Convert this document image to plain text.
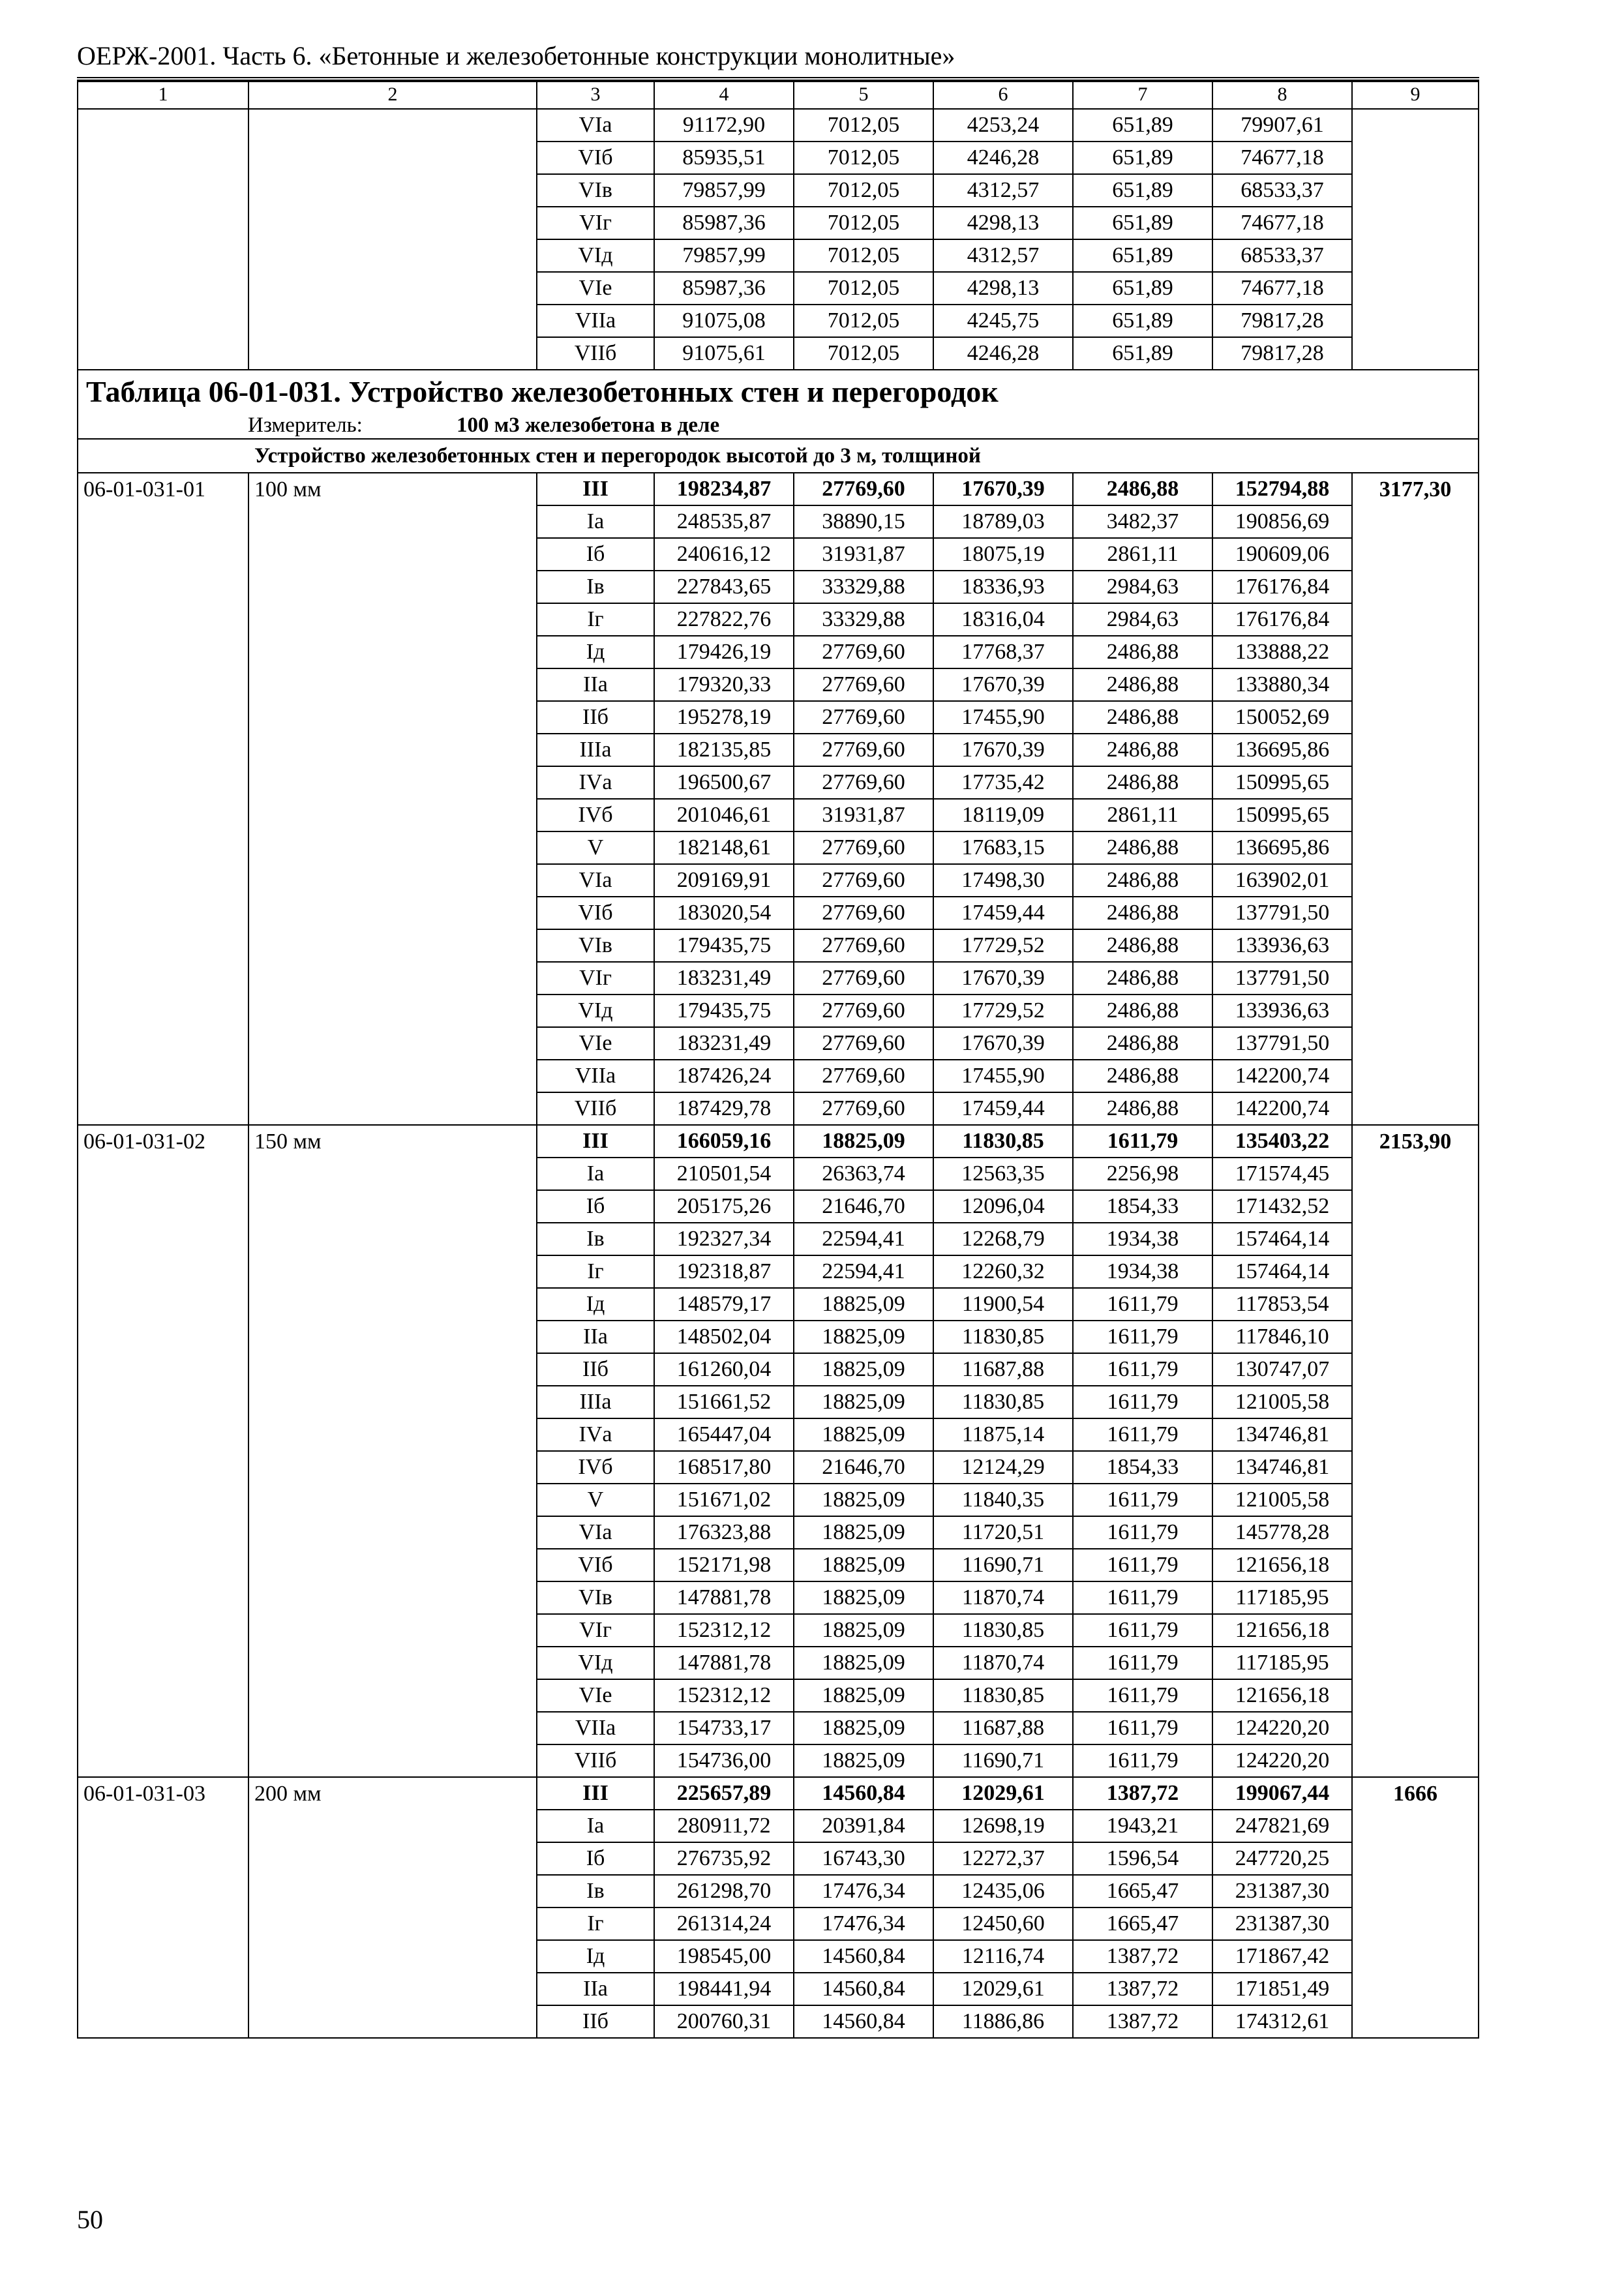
ОЕРЖ-2001. Часть 6. «Бетонные и железобетонные конструкции монолитные»
1	2	3	4	5	6	7	8	9
		VIа	91172,90	7012,05	4253,24	651,89	79907,61	
		VIб	85935,51	7012,05	4246,28	651,89	74677,18	
		VIв	79857,99	7012,05	4312,57	651,89	68533,37	
		VIг	85987,36	7012,05	4298,13	651,89	74677,18	
		VIд	79857,99	7012,05	4312,57	651,89	68533,37	
		VIе	85987,36	7012,05	4298,13	651,89	74677,18	
		VIIа	91075,08	7012,05	4245,75	651,89	79817,28	
		VIIб	91075,61	7012,05	4246,28	651,89	79817,28	
Таблица 06-01-031. Устройство железобетонных стен и перегородок								
Измеритель: 100 м3 железобетона в деле								
Устройство железобетонных стен и перегородок высотой до 3 м, толщиной								
06-01-031-01	100 мм	III	198234,87	27769,60	17670,39	2486,88	152794,88	3177,30
		Iа	248535,87	38890,15	18789,03	3482,37	190856,69	
		Iб	240616,12	31931,87	18075,19	2861,11	190609,06	
		Iв	227843,65	33329,88	18336,93	2984,63	176176,84	
		Iг	227822,76	33329,88	18316,04	2984,63	176176,84	
		Iд	179426,19	27769,60	17768,37	2486,88	133888,22	
		IIа	179320,33	27769,60	17670,39	2486,88	133880,34	
		IIб	195278,19	27769,60	17455,90	2486,88	150052,69	
		IIIа	182135,85	27769,60	17670,39	2486,88	136695,86	
		IVа	196500,67	27769,60	17735,42	2486,88	150995,65	
		IVб	201046,61	31931,87	18119,09	2861,11	150995,65	
		V	182148,61	27769,60	17683,15	2486,88	136695,86	
		VIа	209169,91	27769,60	17498,30	2486,88	163902,01	
		VIб	183020,54	27769,60	17459,44	2486,88	137791,50	
		VIв	179435,75	27769,60	17729,52	2486,88	133936,63	
		VIг	183231,49	27769,60	17670,39	2486,88	137791,50	
		VIд	179435,75	27769,60	17729,52	2486,88	133936,63	
		VIе	183231,49	27769,60	17670,39	2486,88	137791,50	
		VIIа	187426,24	27769,60	17455,90	2486,88	142200,74	
		VIIб	187429,78	27769,60	17459,44	2486,88	142200,74	
06-01-031-02	150 мм	III	166059,16	18825,09	11830,85	1611,79	135403,22	2153,90
		Iа	210501,54	26363,74	12563,35	2256,98	171574,45	
		Iб	205175,26	21646,70	12096,04	1854,33	171432,52	
		Iв	192327,34	22594,41	12268,79	1934,38	157464,14	
		Iг	192318,87	22594,41	12260,32	1934,38	157464,14	
		Iд	148579,17	18825,09	11900,54	1611,79	117853,54	
		IIа	148502,04	18825,09	11830,85	1611,79	117846,10	
		IIб	161260,04	18825,09	11687,88	1611,79	130747,07	
		IIIа	151661,52	18825,09	11830,85	1611,79	121005,58	
		IVа	165447,04	18825,09	11875,14	1611,79	134746,81	
		IVб	168517,80	21646,70	12124,29	1854,33	134746,81	
		V	151671,02	18825,09	11840,35	1611,79	121005,58	
		VIа	176323,88	18825,09	11720,51	1611,79	145778,28	
		VIб	152171,98	18825,09	11690,71	1611,79	121656,18	
		VIв	147881,78	18825,09	11870,74	1611,79	117185,95	
		VIг	152312,12	18825,09	11830,85	1611,79	121656,18	
		VIд	147881,78	18825,09	11870,74	1611,79	117185,95	
		VIе	152312,12	18825,09	11830,85	1611,79	121656,18	
		VIIа	154733,17	18825,09	11687,88	1611,79	124220,20	
		VIIб	154736,00	18825,09	11690,71	1611,79	124220,20	
06-01-031-03	200 мм	III	225657,89	14560,84	12029,61	1387,72	199067,44	1666
		Iа	280911,72	20391,84	12698,19	1943,21	247821,69	
		Iб	276735,92	16743,30	12272,37	1596,54	247720,25	
		Iв	261298,70	17476,34	12435,06	1665,47	231387,30	
		Iг	261314,24	17476,34	12450,60	1665,47	231387,30	
		Iд	198545,00	14560,84	12116,74	1387,72	171867,42	
		IIа	198441,94	14560,84	12029,61	1387,72	171851,49	
		IIб	200760,31	14560,84	11886,86	1387,72	174312,61	
50
